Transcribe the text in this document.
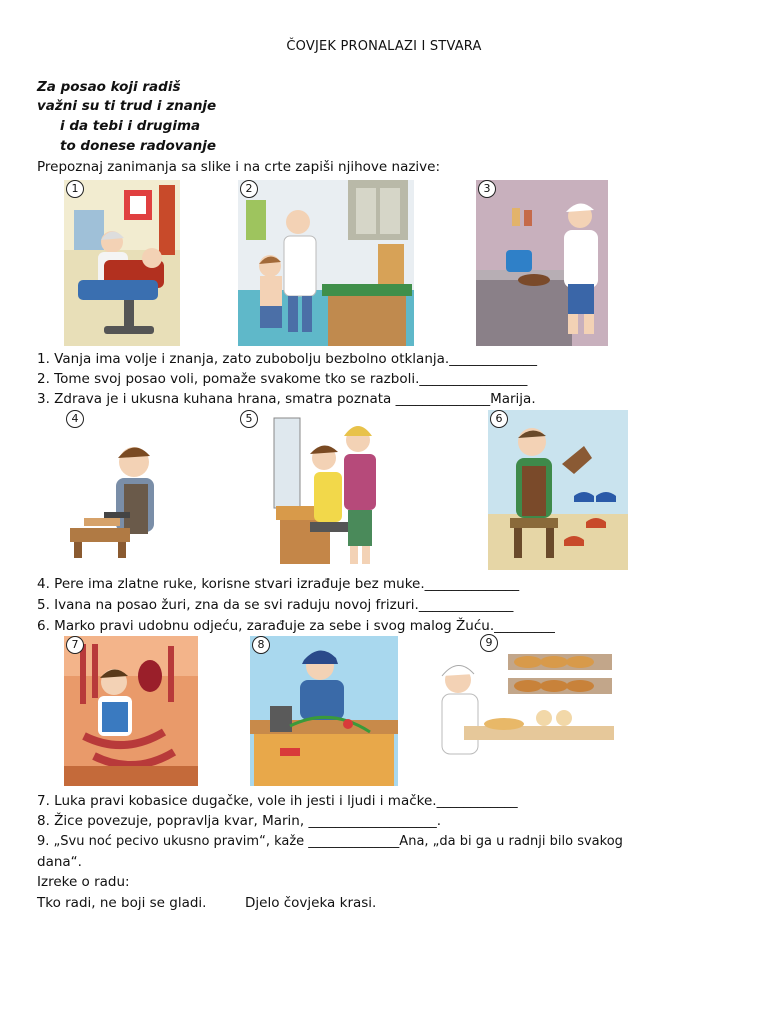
ČOVJEK PRONALAZI I STVARA
Za posao koji radiš
važni su ti trud i znanje
i da tebi i drugima
to donese radovanje
Prepoznaj zanimanja sa slike i na crte zapiši njihove nazive:
1	2	3
1. Vanja ima volje i znanja, zato zubobolju bezbolno otklanja._____________
2. Tome svoj posao voli, pomaže svakome tko se razboli.________________
3. Zdrava je i ukusna kuhana hrana, smatra poznata ______________Marija.
4	5	6
4. Pere ima zlatne ruke, korisne stvari izrađuje bez muke.______________
5. Ivana na posao žuri, zna da se svi raduju novoj frizuri.______________
6. Marko pravi udobnu odjeću, zarađuje za sebe i svog malog Žuću._________
7	8	9
7. Luka pravi kobasice dugačke, vole ih jesti i ljudi i mačke.____________
8. Žice povezuje, popravlja kvar, Marin, ___________________.
9. „Svu noć pecivo ukusno pravim“, kaže ______________Ana, „da bi ga u radnji bilo svakog
dana“.
Izreke o radu:
Tko radi, ne boji se gladi.	Djelo čovjeka krasi.
